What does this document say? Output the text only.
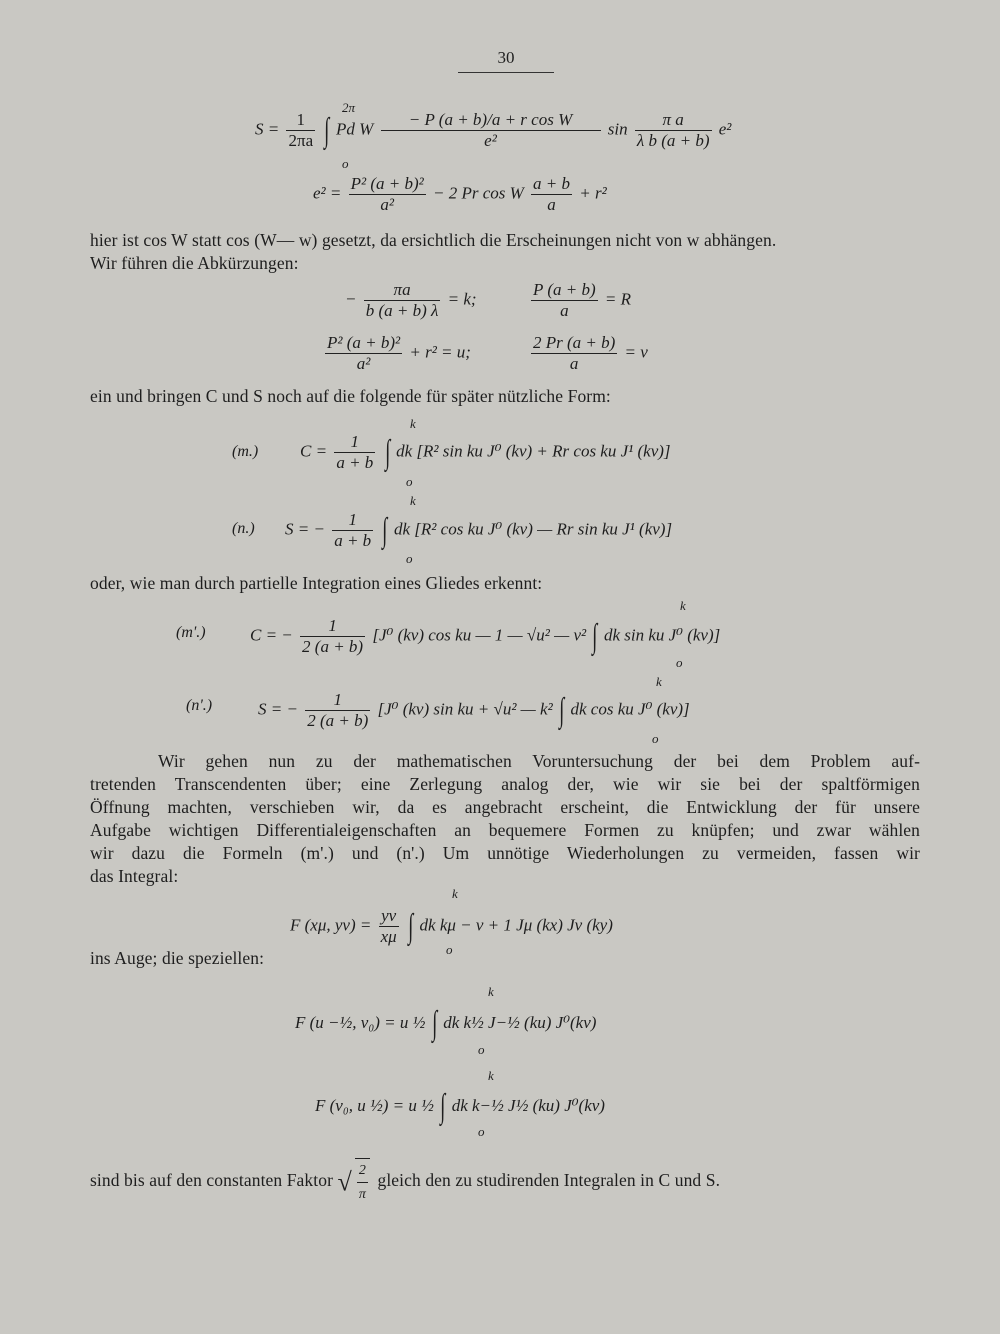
30
$S = \frac{1}{2\pi a}$ ∫ Pd W $\frac{\text{− P (a + b)/a + r cos W}}{\text{e²}}$ $\sin \frac{\text{π a}}{\text{λ b (a + b)}} e^2$
2π
o
$e^2 = \frac{\text{P² (a + b)²}}{\text{a²}} - 2$ Pr cos W $\frac{a + b}{a} + r^2$
hier ist cos W statt cos (W— w) gesetzt, da ersichtlich die Erscheinungen nicht von w abhängen.
Wir führen die Abkürzungen:
− $\frac{\pi a}{b (a + b) \lambda} = k$;	$\frac{P (a + b)}{a} = R$
$\frac{\text{P² (a + b)²}}{\text{a²}} + r^2 = u$;	$\frac{2 Pr (a + b)}{a} = v$
ein und bringen C und S noch auf die folgende für später nützliche Form:
(m.) $C = \frac{1}{a + b}$ ∫ dk [R² sin ku J⁰ (kv) + Rr cos ku J¹ (kv)]
k
o
(n.) S = − $\frac{1}{a + b}$ ∫ dk [R² cos ku J⁰ (kv) — Rr sin ku J¹ (kv)]
k
o
oder, wie man durch partielle Integration eines Gliedes erkennt:
(m'.)	C = − $\frac{1}{2 (a + b)} [J^0$ (kv) cos ku — 1 — √u² — v² ∫ dk sin ku J⁰ (kv)]
k
o
(n'.)	S = − $\frac{1}{2 (a + b)} [J^0$ (kv) sin ku + √u² — k² ∫ dk cos ku J⁰ (kv)]
k
o
Wir gehen nun zu der mathematischen Voruntersuchung der bei dem Problem auf-
tretenden Transcendenten über; eine Zerlegung analog der, wie wir sie bei der spaltförmigen
Öffnung machten, verschieben wir, da es angebracht erscheint, die Entwicklung der für unsere
Aufgabe wichtigen Differentialeigenschaften an bequemere Formen zu knüpfen; und zwar wählen
wir dazu die Formeln (m'.) und (n'.) Um unnötige Wiederholungen zu vermeiden, fassen wir
das Integral:
F (xμ, $y\nu) = \frac{y\nu}{x\mu}$ ∫ dk kμ − ν + 1 Jμ (kx) Jν (ky)
k
o
ins Auge; die speziellen:
F (u −½, v₀) = u ½ ∫ dk k½ J−½ (ku) J⁰(kv)
k
o
F (v₀, u ½) = u ½ ∫ dk k−½ J½ (ku) J⁰(kv)
k
o
sind bis auf den constanten Faktor √ $\frac{2}{\pi}$ gleich den zu studirenden Integralen in C und S.
